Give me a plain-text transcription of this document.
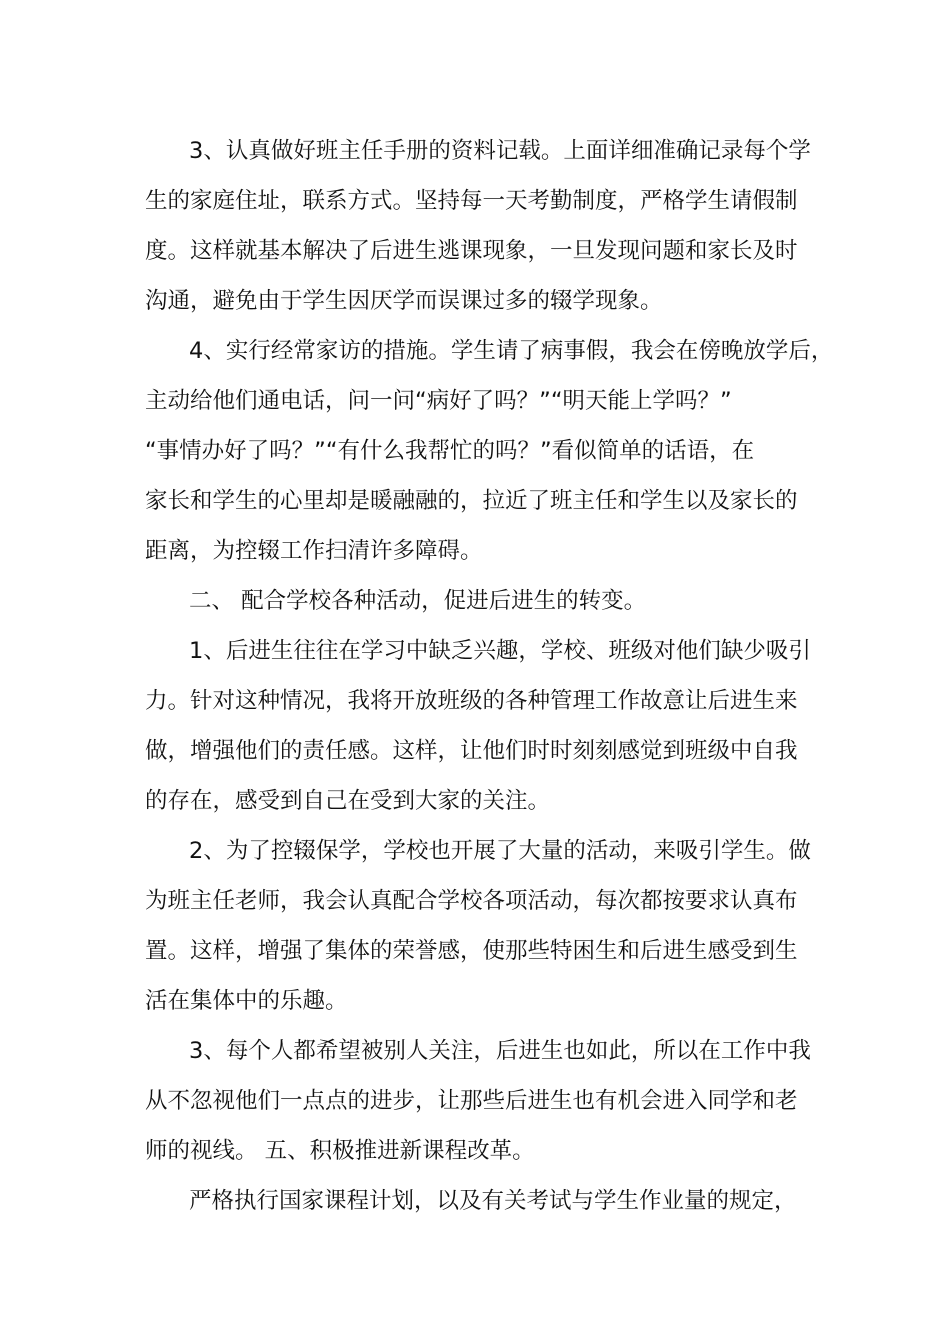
3、认真做好班主任手册的资料记载。上面详细准确记录每个学
生的家庭住址，联系方式。坚持每一天考勤制度，严格学生请假制
度。这样就基本解决了后进生逃课现象，一旦发现问题和家长及时
沟通，避免由于学生因厌学而误课过多的辍学现象。
4、实行经常家访的措施。学生请了病事假，我会在傍晚放学后，
主动给他们通电话，问一问“病好了吗？”“明天能上学吗？”
“事情办好了吗？”“有什么我帮忙的吗？”看似简单的话语，在
家长和学生的心里却是暖融融的，拉近了班主任和学生以及家长的
距离，为控辍工作扫清许多障碍。
二、 配合学校各种活动，促进后进生的转变。
1、后进生往往在学习中缺乏兴趣，学校、班级对他们缺少吸引
力。针对这种情况，我将开放班级的各种管理工作故意让后进生来
做，增强他们的责任感。这样，让他们时时刻刻感觉到班级中自我
的存在，感受到自己在受到大家的关注。
2、为了控辍保学，学校也开展了大量的活动，来吸引学生。做
为班主任老师，我会认真配合学校各项活动，每次都按要求认真布
置。这样，增强了集体的荣誉感，使那些特困生和后进生感受到生
活在集体中的乐趣。
3、每个人都希望被别人关注，后进生也如此，所以在工作中我
从不忽视他们一点点的进步，让那些后进生也有机会进入同学和老
师的视线。 五、积极推进新课程改革。
严格执行国家课程计划，以及有关考试与学生作业量的规定，
